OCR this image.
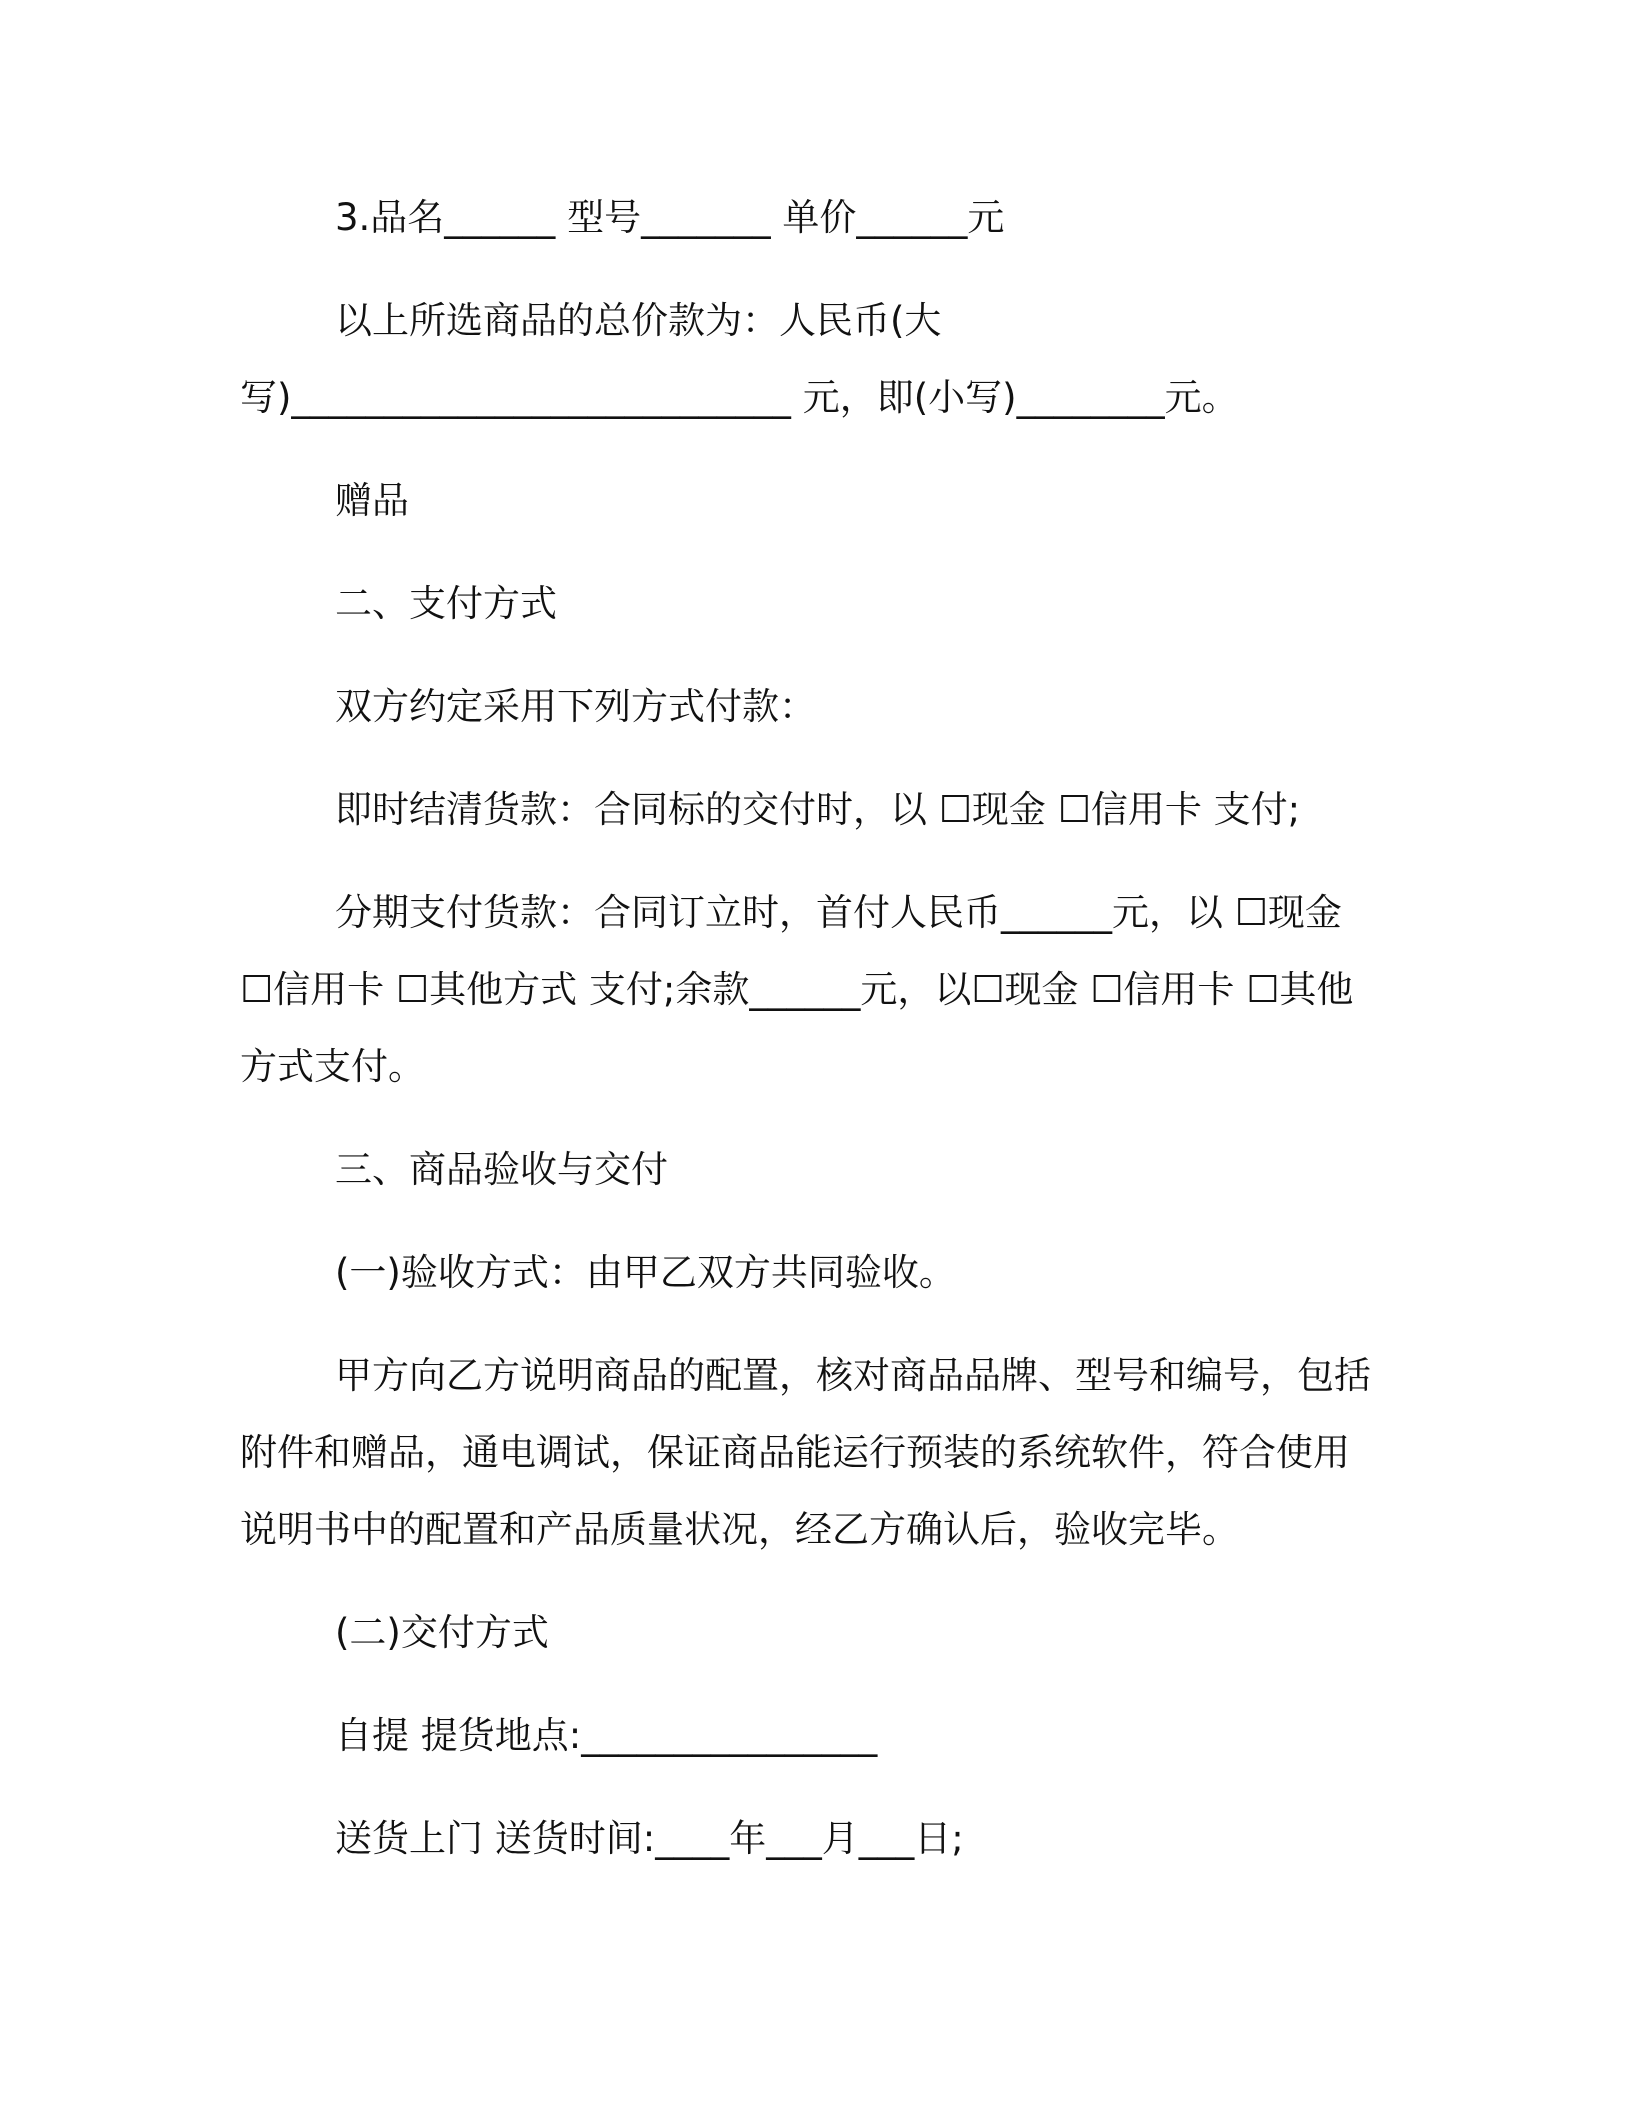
3.品名______ 型号_______ 单价______元
以上所选商品的总价款为：人民币(大
写)___________________________ 元，即(小写)________元。
赠品
二、支付方式
双方约定采用下列方式付款：
即时结清货款：合同标的交付时，以 ☐现金 ☐信用卡 支付;
分期支付货款：合同订立时，首付人民币______元，以 ☐现金
☐信用卡 ☐其他方式 支付;余款______元，以☐现金 ☐信用卡 ☐其他
方式支付。
三、商品验收与交付
(一)验收方式：由甲乙双方共同验收。
甲方向乙方说明商品的配置，核对商品品牌、型号和编号，包括
附件和赠品，通电调试，保证商品能运行预装的系统软件，符合使用
说明书中的配置和产品质量状况，经乙方确认后，验收完毕。
(二)交付方式
自提 提货地点:________________
送货上门 送货时间:____年___月___日;
